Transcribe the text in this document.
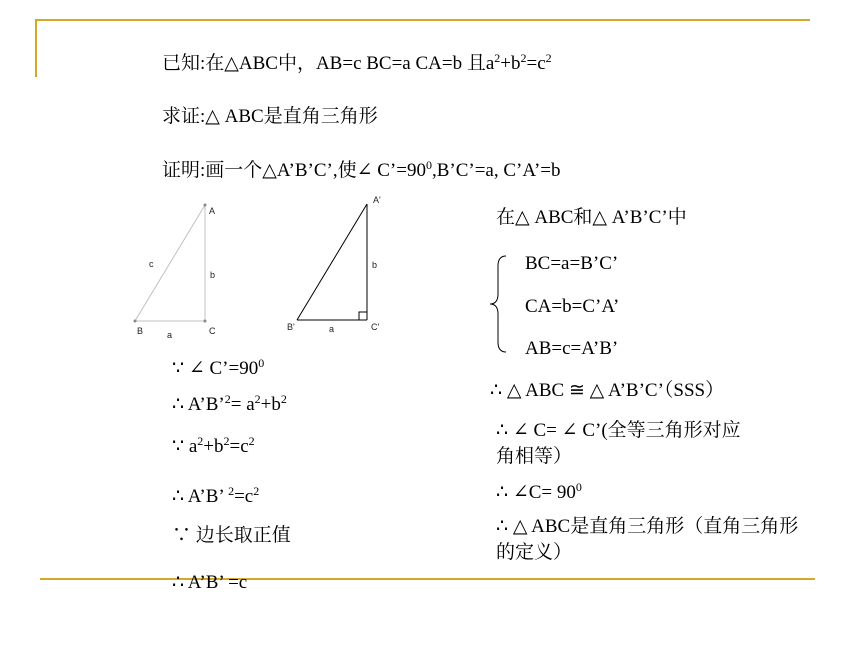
已知:在△ABC中，AB=c BC=a CA=b 且$a^2+b^2=c^2$
求证:△ ABC是直角三角形
证明:画一个△A’B’C’,使∠ $C’=90^0,B’C’=a$, C’A’=b
A
B	C
a
b
c
A'
B'	C'
a
b
∵ ∠ $C’=90^0$
∴ A’B’$^2$= $a^2+b^2$
∵ $a^2+b^2=c^2$
∴ A’B’ $^2=c^2$
∵ 边长取正值
∴ A’B’ =c
在△ ABC和△ A’B’C’中
BC=a=B’C’
CA=b=C’A’
AB=c=A’B’
∴ △ ABC ≅ △ A’B’C’（SSS）
∴ ∠ C= ∠ C’(全等三角形对应角相等）
∴ ∠C= $90^0$
∴ △ ABC是直角三角形（直角三角形的定义）
